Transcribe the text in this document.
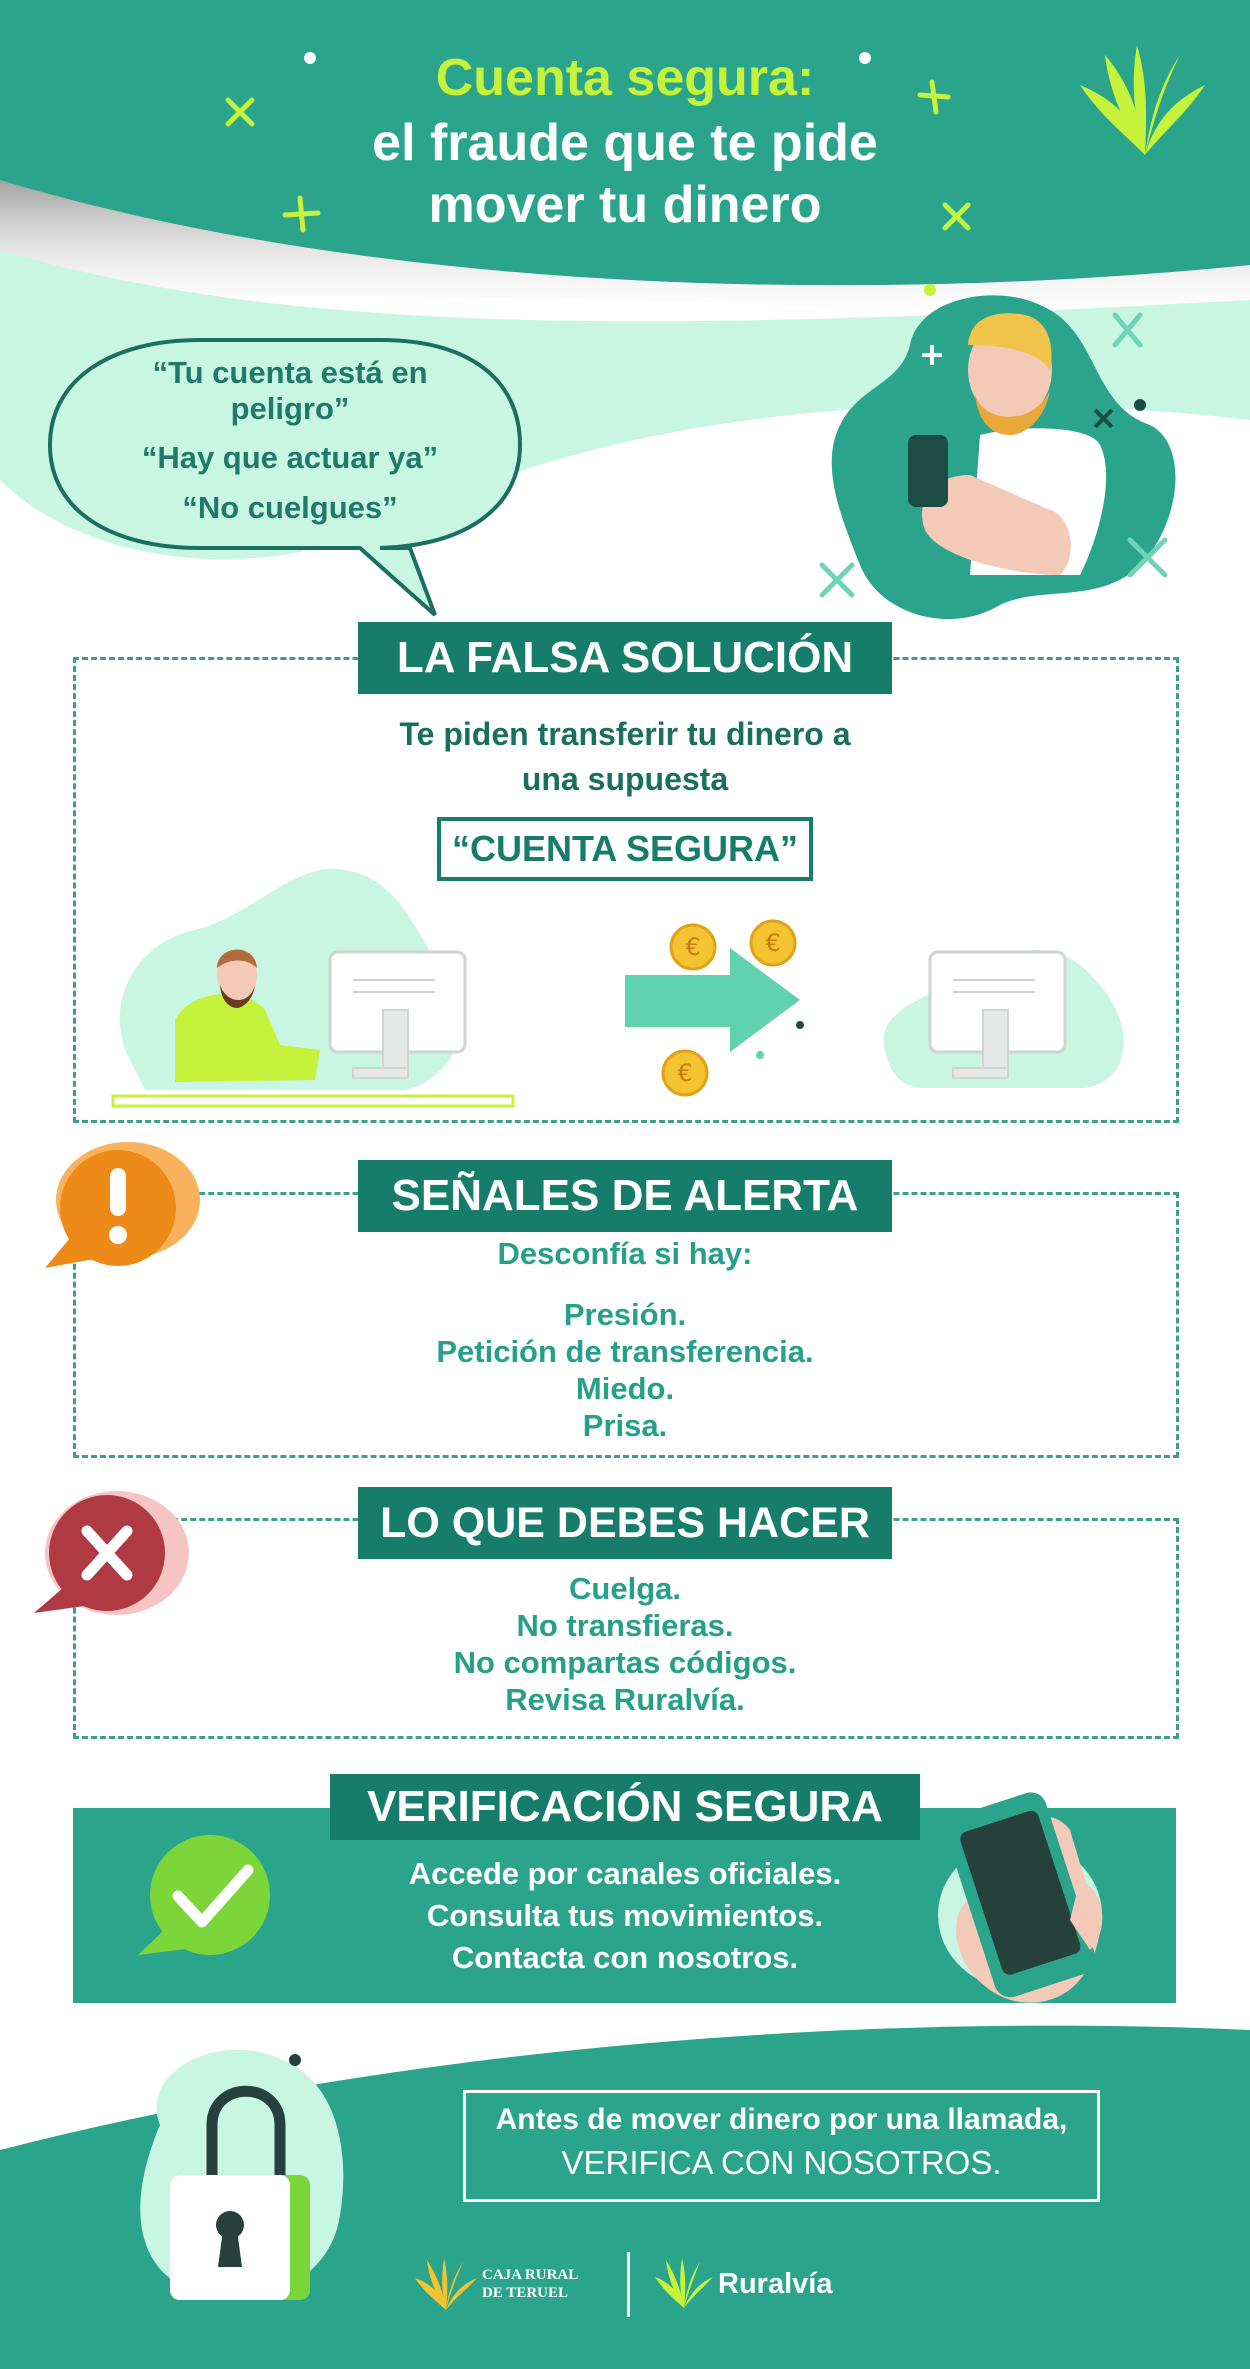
Cuenta segura:
el fraude que te pide mover tu dinero
“Tu cuenta está en peligro”
“Hay que actuar ya”
“No cuelgues”
LA FALSA SOLUCIÓN
Te piden transferir tu dinero a una supuesta
“CUENTA SEGURA”
€	€
€
SEÑALES DE ALERTA
Desconfía si hay:
Presión.
Petición de transferencia.
Miedo.
Prisa.
LO QUE DEBES HACER
Cuelga.
No transfieras.
No compartas códigos.
Revisa Ruralvía.
VERIFICACIÓN SEGURA
Accede por canales oficiales.
Consulta tus movimientos.
Contacta con nosotros.
Antes de mover dinero por una llamada,
VERIFICA CON NOSOTROS.
CAJA RURAL
DE TERUEL	Ruralvía
